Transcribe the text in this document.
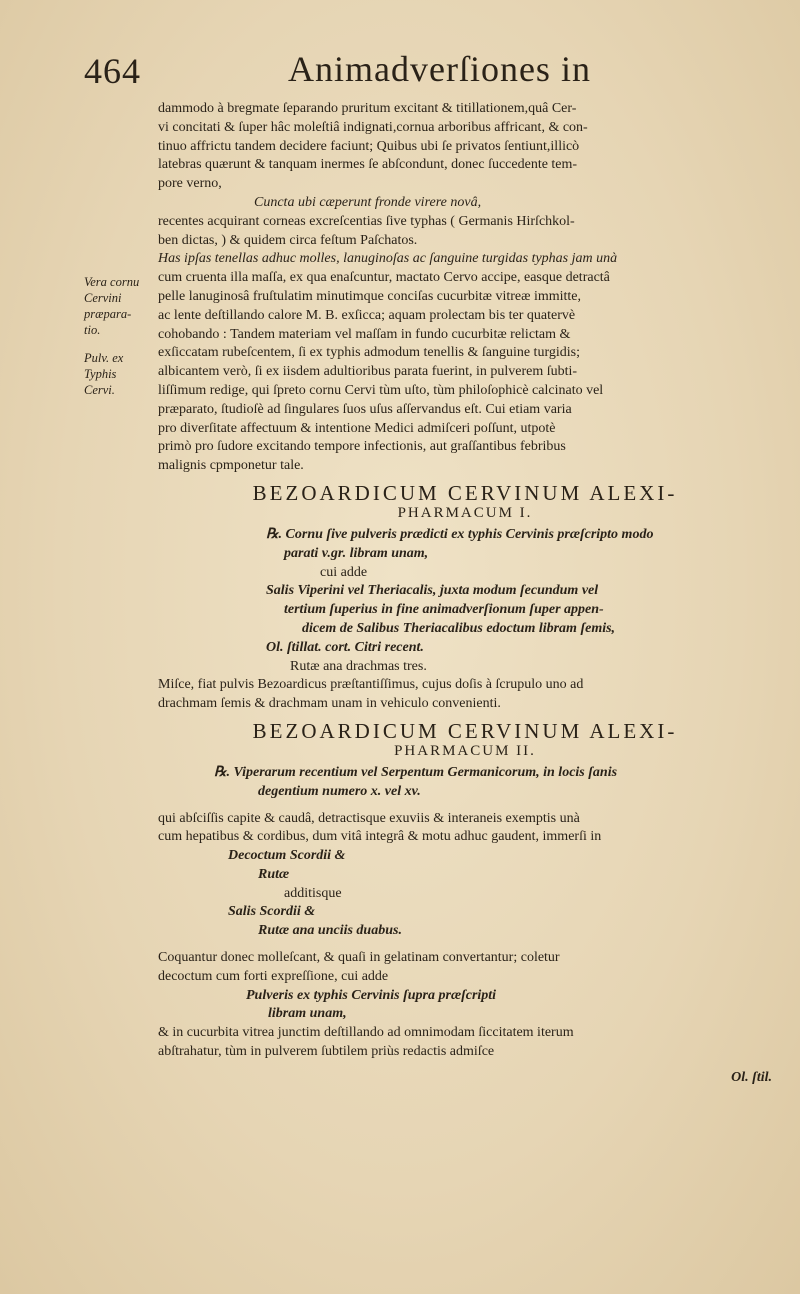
464	Animadverſiones in
Vera cornu
Cervini
præpara-
tio.
Pulv. ex
Typhis
Cervi.

dammodo à bregmate ſeparando pruritum excitant & titillationem,quâ Cer-

vi concitati & ſuper hâc moleſtiâ indignati,cornua arboribus affricant, & con-

tinuo affrictu tandem decidere faciunt; Quibus ubi ſe privatos ſentiunt,illicò

latebras quærunt & tanquam inermes ſe abſcondunt, donec ſuccedente tem-

pore verno,

Cuncta ubi cæperunt fronde virere novâ,

recentes acquirant corneas excreſcentias ſive typhas ( Germanis Hirſchkol-

ben dictas, ) & quidem circa feſtum Paſchatos.

Has ipſas tenellas adhuc molles, lanuginoſas ac ſanguine turgidas typhas jam unà

cum cruenta illa maſſa, ex qua enaſcuntur, mactato Cervo accipe, easque detractâ

pelle lanuginosâ fruſtulatim minutimque conciſas cucurbitæ vitreæ immitte,

ac lente deſtillando calore M. B. exſicca; aquam prolectam bis ter quatervè

cohobando : Tandem materiam vel maſſam in fundo cucurbitæ relictam &

exſiccatam rubeſcentem, ſi ex typhis admodum tenellis & ſanguine turgidis;

albicantem verò, ſi ex iisdem adultioribus parata fuerint, in pulverem ſubti-

liſſimum redige, qui ſpreto cornu Cervi tùm uſto, tùm philoſophicè calcinato vel

præparato, ſtudioſè ad ſingulares ſuos uſus aſſervandus eſt. Cui etiam varia

pro diverſitate affectuum & intentione Medici admiſceri poſſunt, utpotè

primò pro ſudore excitando tempore infectionis, aut graſſantibus febribus

malignis cpmponetur tale.

BEZOARDICUM CERVINUM ALEXI-
PHARMACUM I.

℞. Cornu ſive pulveris prædicti ex typhis Cervinis præſcripto modo

parati v.gr. libram unam,

cui adde

Salis Viperini vel Theriacalis, juxta modum ſecundum vel

tertium ſuperius in fine animadverſionum ſuper appen-

dicem de Salibus Theriacalibus edoctum libram ſemis,

Ol. ſtillat. cort. Citri recent.

Rutæ ana drachmas tres.

Miſce, fiat pulvis Bezoardicus præſtantiſſimus, cujus doſis à ſcrupulo uno ad

drachmam ſemis & drachmam unam in vehiculo convenienti.

BEZOARDICUM CERVINUM ALEXI-
PHARMACUM II.

℞. Viperarum recentium vel Serpentum Germanicorum, in locis ſanis

degentium numero x. vel xv.

qui abſciſſis capite & caudâ, detractisque exuviis & interaneis exemptis unà

cum hepatibus & cordibus, dum vitâ integrâ & motu adhuc gaudent, immerſi in

Decoctum Scordii &

Rutæ

additisque

Salis Scordii &

Rutæ ana unciis duabus.

Coquantur donec molleſcant, & quaſi in gelatinam convertantur; coletur

decoctum cum forti expreſſione, cui adde

Pulveris ex typhis Cervinis ſupra præſcripti

libram unam,

& in cucurbita vitrea junctim deſtillando ad omnimodam ſiccitatem iterum

abſtrahatur, tùm in pulverem ſubtilem priùs redactis admiſce

Ol. ſtil.
